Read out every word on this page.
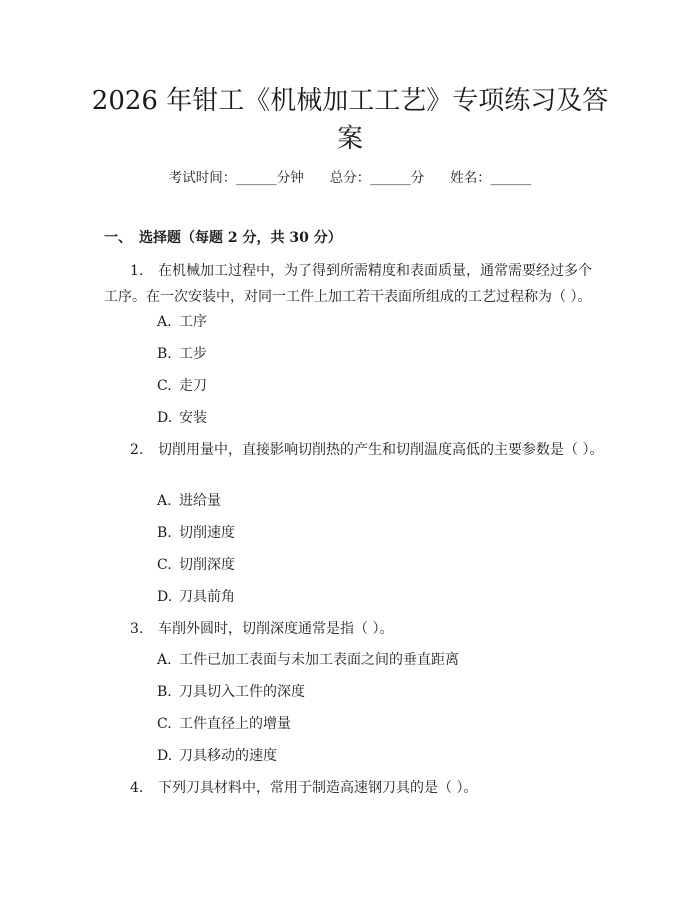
2026 年钳工《机械加工工艺》专项练习及答案
考试时间：______分钟 总分：______分 姓名：______
一、 选择题（每题 2 分，共 30 分）
1. 在机械加工过程中，为了得到所需精度和表面质量，通常需要经过多个工序。在一次安装中，对同一工件上加工若干表面所组成的工艺过程称为（ ）。
A. 工序
B. 工步
C. 走刀
D. 安装
2. 切削用量中，直接影响切削热的产生和切削温度高低的主要参数是（ ）。
A. 进给量
B. 切削速度
C. 切削深度
D. 刀具前角
3. 车削外圆时，切削深度通常是指（ ）。
A. 工件已加工表面与未加工表面之间的垂直距离
B. 刀具切入工件的深度
C. 工件直径上的增量
D. 刀具移动的速度
4. 下列刀具材料中，常用于制造高速钢刀具的是（ ）。
